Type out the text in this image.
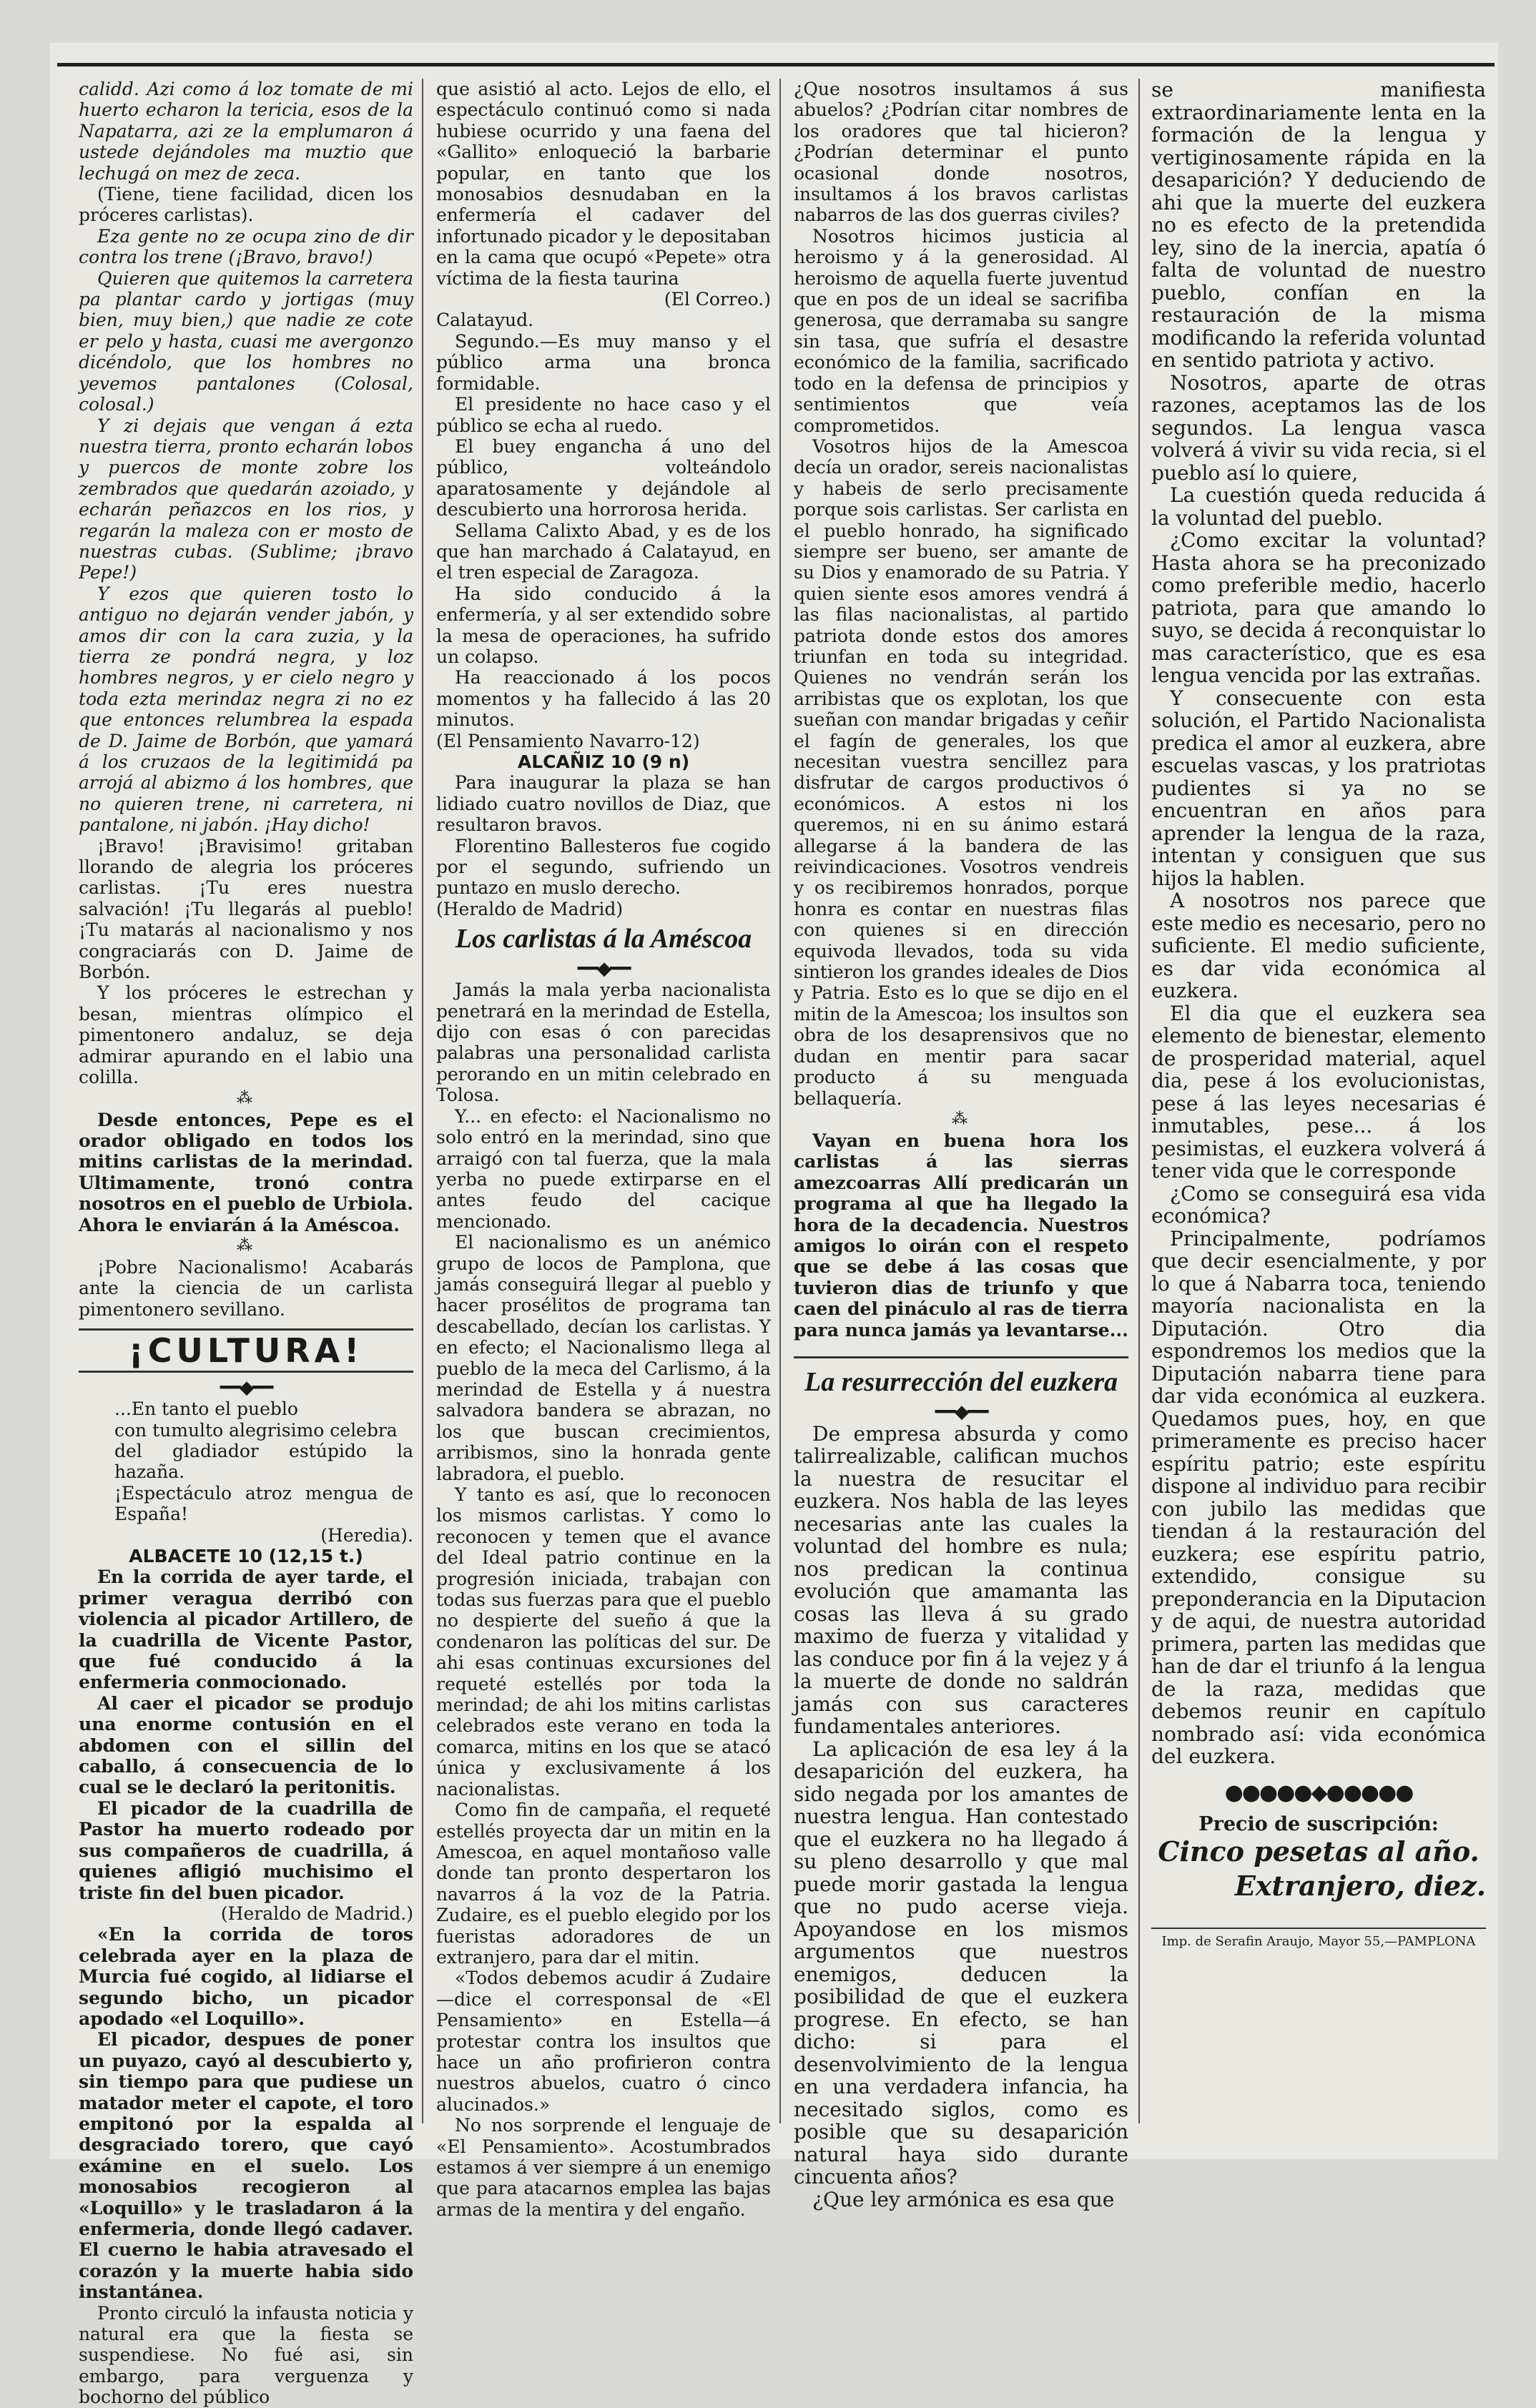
calidd. Azi como á loz tomate de mi huerto echaron la tericia, esos de la Napatarra, azi ze la emplumaron á ustede dejándoles ma muztio que lechugá on mez de zeca.

(Tiene, tiene facilidad, dicen los próceres carlistas).

Eza gente no ze ocupa zino de dir contra los trene (¡Bravo, bravo!)

Quieren que quitemos la carretera pa plantar cardo y jortigas (muy bien, muy bien,) que nadie ze cote er pelo y hasta, cuasi me avergonzo dicéndolo, que los hombres no yevemos pantalones (Colosal, colosal.)

Y zi dejais que vengan á ezta nuestra tierra, pronto echarán lobos y puercos de monte zobre los zembrados que quedarán azoiado, y echarán peñazcos en los rios, y regarán la maleza con er mosto de nuestras cubas. (Sublime; ¡bravo Pepe!)

Y ezos que quieren tosto lo antiguo no dejarán vender jabón, y amos dir con la cara zuzia, y la tierra ze pondrá negra, y loz hombres negros, y er cielo negro y toda ezta merindaz negra zi no ez que entonces relumbrea la espada de D. Jaime de Borbón, que yamará á los cruzaos de la legitimidá pa arrojá al abizmo á los hombres, que no quieren trene, ni carretera, ni pantalone, ni jabón. ¡Hay dicho!

¡Bravo! ¡Bravisimo! gritaban llorando de alegria los próceres carlistas. ¡Tu eres nuestra salvación! ¡Tu llegarás al pueblo! ¡Tu matarás al nacionalismo y nos congraciarás con D. Jaime de Borbón.

Y los próceres le estrechan y besan, mientras olímpico el pimentonero andaluz, se deja admirar apurando en el labio una colilla.

⁂

Desde entonces, Pepe es el orador obligado en todos los mitins carlistas de la merindad. Ultimamente, tronó contra nosotros en el pueblo de Urbiola. Ahora le enviarán á la Améscoa.

⁂

¡Pobre Nacionalismo! Acabarás ante la ciencia de un carlista pimentonero sevillano.

¡CULTURA!
━━◆━━

...En tanto el pueblo

con tumulto alegrisimo celebra

del gladiador estúpido la hazaña.

¡Espectáculo atroz mengua de España!

(Heredia).

ALBACETE 10 (12,15 t.)

En la corrida de ayer tarde, el primer veragua derribó con violencia al picador Artillero, de la cuadrilla de Vicente Pastor, que fué conducido á la enfermeria conmocionado.

Al caer el picador se produjo una enorme contusión en el abdomen con el sillin del caballo, á consecuencia de lo cual se le declaró la peritonitis.

El picador de la cuadrilla de Pastor ha muerto rodeado por sus compañeros de cuadrilla, á quienes afligió muchisimo el triste fin del buen picador.

(Heraldo de Madrid.)

«En la corrida de toros celebrada ayer en la plaza de Murcia fué cogido, al lidiarse el segundo bicho, un picador apodado «el Loquillo».

El picador, despues de poner un puyazo, cayó al descubierto y, sin tiempo para que pudiese un matador meter el capote, el toro empitonó por la espalda al desgraciado torero, que cayó exámine en el suelo. Los monosabios recogieron al «Loquillo» y le trasladaron á la enfermeria, donde llegó cadaver. El cuerno le habia atravesado el corazón y la muerte habia sido instantánea.

Pronto circuló la infausta noticia y natural era que la fiesta se suspendiese. No fué asi, sin embargo, para verguenza y bochorno del público

que asistió al acto. Lejos de ello, el espectáculo continuó como si nada hubiese ocurrido y una faena del «Gallito» enloqueció la barbarie popular, en tanto que los monosabios desnudaban en la enfermería el cadaver del infortunado picador y le depositaban en la cama que ocupó «Pepete» otra víctima de la fiesta taurina

(El Correo.)

Calatayud.

Segundo.—Es muy manso y el público arma una bronca formidable.

El presidente no hace caso y el público se echa al ruedo.

El buey engancha á uno del público, volteándolo aparatosamente y dejándole al descubierto una horrorosa herida.

Sellama Calixto Abad, y es de los que han marchado á Calatayud, en el tren especial de Zaragoza.

Ha sido conducido á la enfermería, y al ser extendido sobre la mesa de operaciones, ha sufrido un colapso.

Ha reaccionado á los pocos momentos y ha fallecido á las 20 minutos.

(El Pensamiento Navarro-12)

ALCAÑIZ 10 (9 n)

Para inaugurar la plaza se han lidiado cuatro novillos de Diaz, que resultaron bravos.

Florentino Ballesteros fue cogido por el segundo, sufriendo un puntazo en muslo derecho.

(Heraldo de Madrid)

Los carlistas á la Améscoa
━━◆━━

Jamás la mala yerba nacionalista penetrará en la merindad de Estella, dijo con esas ó con parecidas palabras una personalidad carlista perorando en un mitin celebrado en Tolosa.

Y... en efecto: el Nacionalismo no solo entró en la merindad, sino que arraigó con tal fuerza, que la mala yerba no puede extirparse en el antes feudo del cacique mencionado.

El nacionalismo es un anémico grupo de locos de Pamplona, que jamás conseguirá llegar al pueblo y hacer prosélitos de programa tan descabellado, decían los carlistas. Y en efecto; el Nacionalismo llega al pueblo de la meca del Carlismo, á la merindad de Estella y á nuestra salvadora bandera se abrazan, no los que buscan crecimientos, arribismos, sino la honrada gente labradora, el pueblo.

Y tanto es así, que lo reconocen los mismos carlistas. Y como lo reconocen y temen que el avance del Ideal patrio continue en la progresión iniciada, trabajan con todas sus fuerzas para que el pueblo no despierte del sueño á que la condenaron las políticas del sur. De ahi esas continuas excursiones del requeté estellés por toda la merindad; de ahi los mitins carlistas celebrados este verano en toda la comarca, mitins en los que se atacó única y exclusivamente á los nacionalistas.

Como fin de campaña, el requeté estellés proyecta dar un mitin en la Amescoa, en aquel montañoso valle donde tan pronto despertaron los navarros á la voz de la Patria. Zudaire, es el pueblo elegido por los fueristas adoradores de un extranjero, para dar el mitin.

«Todos debemos acudir á Zudaire—dice el corresponsal de «El Pensamiento» en Estella—á protestar contra los insultos que hace un año profirieron contra nuestros abuelos, cuatro ó cinco alucinados.»

No nos sorprende el lenguaje de «El Pensamiento». Acostumbrados estamos á ver siempre á un enemigo que para atacarnos emplea las bajas armas de la mentira y del engaño.

¿Que nosotros insultamos á sus abuelos? ¿Podrían citar nombres de los oradores que tal hicieron? ¿Podrían determinar el punto ocasional donde nosotros, insultamos á los bravos carlistas nabarros de las dos guerras civiles?

Nosotros hicimos justicia al heroismo y á la generosidad. Al heroismo de aquella fuerte juventud que en pos de un ideal se sacrifiba generosa, que derramaba su sangre sin tasa, que sufría el desastre económico de la familia, sacrificado todo en la defensa de principios y sentimientos que veía comprometidos.

Vosotros hijos de la Amescoa decía un orador, sereis nacionalistas y habeis de serlo precisamente porque sois carlistas. Ser carlista en el pueblo honrado, ha significado siempre ser bueno, ser amante de su Dios y enamorado de su Patria. Y quien siente esos amores vendrá á las filas nacionalistas, al partido patriota donde estos dos amores triunfan en toda su integridad. Quienes no vendrán serán los arribistas que os explotan, los que sueñan con mandar brigadas y ceñir el fagín de generales, los que necesitan vuestra sencillez para disfrutar de cargos productivos ó económicos. A estos ni los queremos, ni en su ánimo estará allegarse á la bandera de las reivindicaciones. Vosotros vendreis y os recibiremos honrados, porque honra es contar en nuestras filas con quienes si en dirección equivoda llevados, toda su vida sintieron los grandes ideales de Dios y Patria. Esto es lo que se dijo en el mitin de la Amescoa; los insultos son obra de los desaprensivos que no dudan en mentir para sacar producto á su menguada bellaquería.

⁂

Vayan en buena hora los carlistas á las sierras amezcoarras Allí predicarán un programa al que ha llegado la hora de la decadencia. Nuestros amigos lo oirán con el respeto que se debe á las cosas que tuvieron dias de triunfo y que caen del pináculo al ras de tierra para nunca jamás ya levantarse...

La resurrección del euzkera
━━◆━━

De empresa absurda y como talirrealizable, califican muchos la nuestra de resucitar el euzkera. Nos habla de las leyes necesarias ante las cuales la voluntad del hombre es nula; nos predican la continua evolución que amamanta las cosas las lleva á su grado maximo de fuerza y vitalidad y las conduce por fin á la vejez y á la muerte de donde no saldrán jamás con sus caracteres fundamentales anteriores.

La aplicación de esa ley á la desaparición del euzkera, ha sido negada por los amantes de nuestra lengua. Han contestado que el euzkera no ha llegado á su pleno desarrollo y que mal puede morir gastada la lengua que no pudo acerse vieja. Apoyandose en los mismos argumentos que nuestros enemigos, deducen la posibilidad de que el euzkera progrese. En efecto, se han dicho: si para el desenvolvimiento de la lengua en una verdadera infancia, ha necesitado siglos, como es posible que su desaparición natural haya sido durante cincuenta años?

¿Que ley armónica es esa que

se manifiesta extraordinariamente lenta en la formación de la lengua y vertiginosamente rápida en la desaparición? Y deduciendo de ahi que la muerte del euzkera no es efecto de la pretendida ley, sino de la inercia, apatía ó falta de voluntad de nuestro pueblo, confían en la restauración de la misma modificando la referida voluntad en sentido patriota y activo.

Nosotros, aparte de otras razones, aceptamos las de los segundos. La lengua vasca volverá á vivir su vida recia, si el pueblo así lo quiere,

La cuestión queda reducida á la voluntad del pueblo.

¿Como excitar la voluntad? Hasta ahora se ha preconizado como preferible medio, hacerlo patriota, para que amando lo suyo, se decida á reconquistar lo mas característico, que es esa lengua vencida por las extrañas.

Y consecuente con esta solución, el Partido Nacionalista predica el amor al euzkera, abre escuelas vascas, y los pratriotas pudientes si ya no se encuentran en años para aprender la lengua de la raza, intentan y consiguen que sus hijos la hablen.

A nosotros nos parece que este medio es necesario, pero no suficiente. El medio suficiente, es dar vida económica al euzkera.

El dia que el euzkera sea elemento de bienestar, elemento de prosperidad material, aquel dia, pese á los evolucionistas, pese á las leyes necesarias é inmutables, pese... á los pesimistas, el euzkera volverá á tener vida que le corresponde

¿Como se conseguirá esa vida económica?

Principalmente, podríamos que decir esencialmente, y por lo que á Nabarra toca, teniendo mayoría nacionalista en la Diputación. Otro dia espondremos los medios que la Diputación nabarra tiene para dar vida económica al euzkera. Quedamos pues, hoy, en que primeramente es preciso hacer espíritu patrio; este espíritu dispone al individuo para recibir con jubilo las medidas que tiendan á la restauración del euzkera; ese espíritu patrio, extendido, consigue su preponderancia en la Diputacion y de aqui, de nuestra autoridad primera, parten las medidas que han de dar el triunfo á la lengua de la raza, medidas que debemos reunir en capítulo nombrado así: vida económica del euzkera.

●●●●●◆●●●●●
Precio de suscripción:
Cinco pesetas al año.
Extranjero, diez.
Imp. de Serafin Araujo, Mayor 55,—PAMPLONA
